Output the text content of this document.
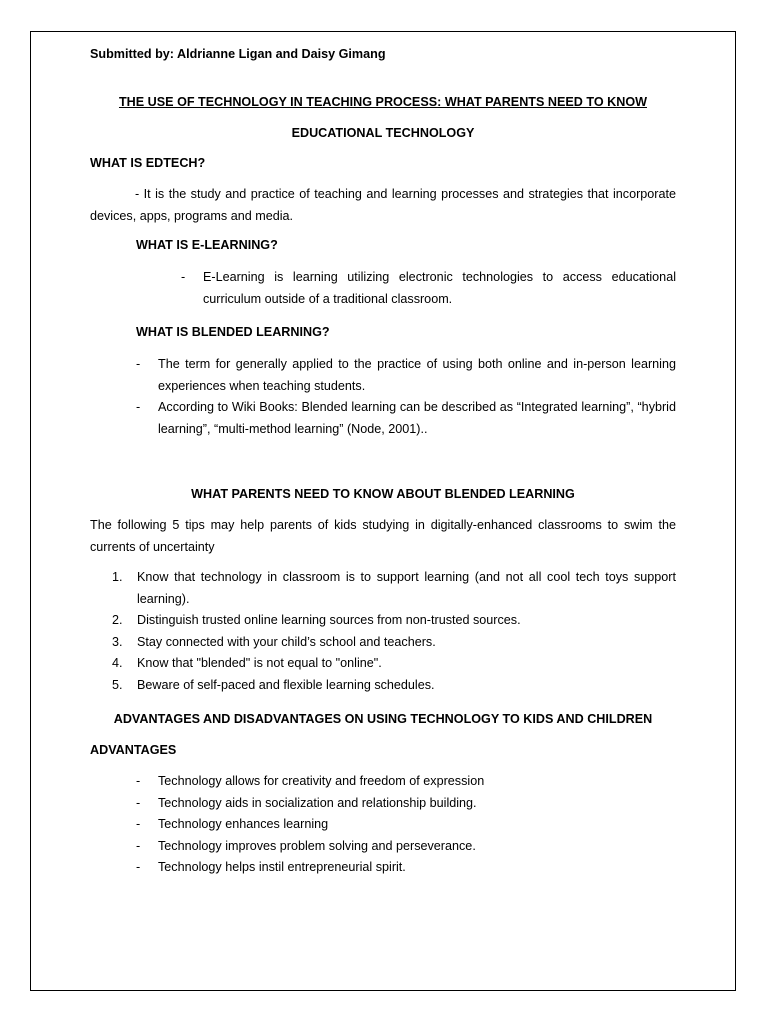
Submitted by: Aldrianne Ligan and Daisy Gimang

THE USE OF TECHNOLOGY IN TEACHING PROCESS: WHAT PARENTS NEED TO KNOW

EDUCATIONAL TECHNOLOGY

WHAT IS EDTECH?

- It is the study and practice of teaching and learning processes and strategies that incorporate devices, apps, programs and media.

WHAT IS E-LEARNING?

- E-Learning is learning utilizing electronic technologies to access educational curriculum outside of a traditional classroom.

WHAT IS BLENDED LEARNING?

- The term for generally applied to the practice of using both online and in-person learning experiences when teaching students.
- According to Wiki Books: Blended learning can be described as “Integrated learning”, “hybrid learning”, “multi-method learning” (Node, 2001)..

WHAT PARENTS NEED TO KNOW ABOUT BLENDED LEARNING

The following 5 tips may help parents of kids studying in digitally-enhanced classrooms to swim the currents of uncertainty

1. Know that technology in classroom is to support learning (and not all cool tech toys support learning).
2. Distinguish trusted online learning sources from non-trusted sources.
3. Stay connected with your child’s school and teachers.
4. Know that "blended" is not equal to "online".
5. Beware of self-paced and flexible learning schedules.

ADVANTAGES AND DISADVANTAGES ON USING TECHNOLOGY TO KIDS AND CHILDREN

ADVANTAGES

- Technology allows for creativity and freedom of expression
- Technology aids in socialization and relationship building.
- Technology enhances learning
- Technology improves problem solving and perseverance.
- Technology helps instil entrepreneurial spirit.
